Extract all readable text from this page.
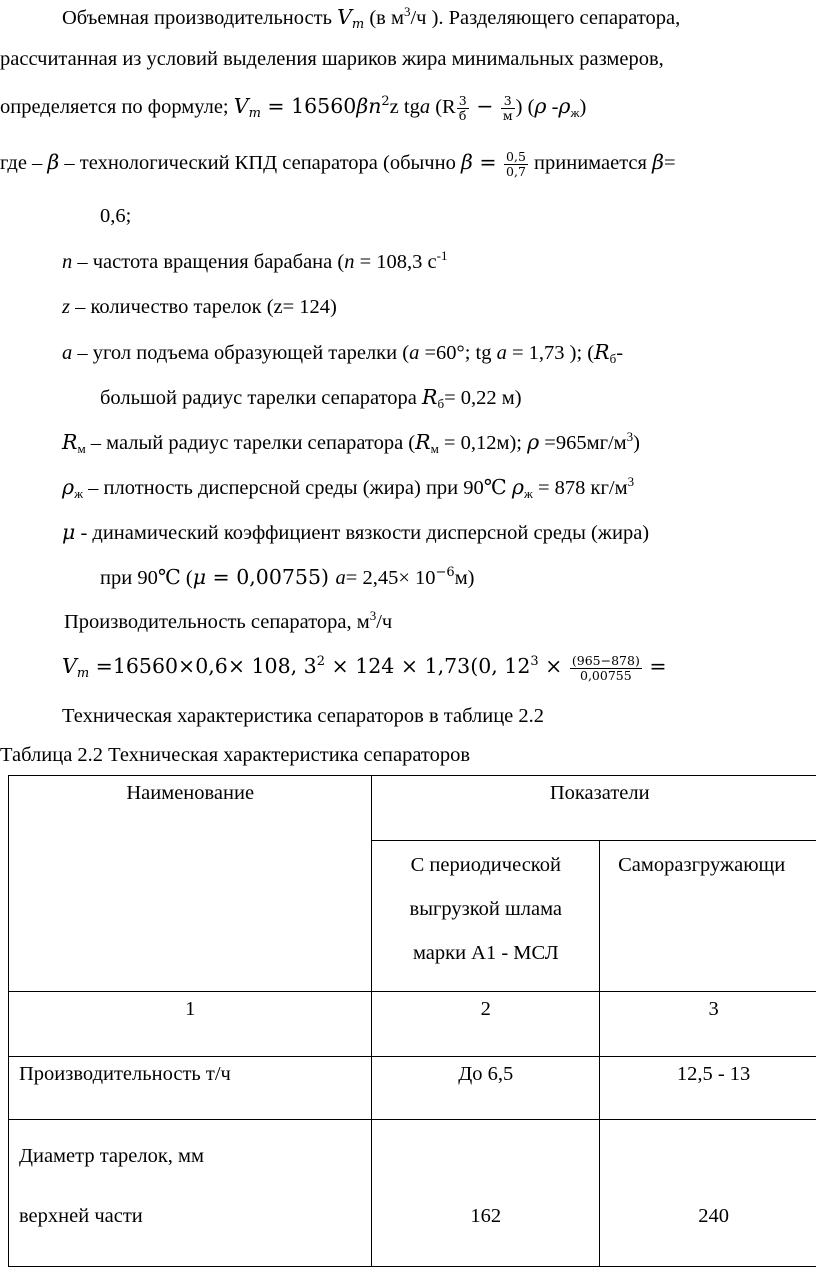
Объемная производительность $V_m$ (в $м^3/ч$ ). Разделяющего сепаратора,
рассчитанная из условий выделения шариков жира минимальных размеров,
определяется по формуле; $V_m = 16560\beta n^2z$ tga ($R \frac{3}{б} - \frac{3}{м}$ ) (ρ $-\rho_ж$)
где – β – технологический КПД сепаратора (обычно $\beta = \frac{0,5}{0,7}$ принимается β=
0,6;
n – частота вращения барабана (n = 108,3 $с^{-1}$
z – количество тарелок (z= 124)
a – угол подъема образующей тарелки (a =60°; tg a = 1,73 ); ($R_б-$
большой радиус тарелки сепаратора $R_б= 0,22$ м)
$R_м$ – малый радиус тарелки сепаратора $(R_м = 0,12м)$; $\rho =965мг/м^3$)
$\rho_ж$ – плотность дисперсной среды (жира) при 90℃ $\rho_ж = 878$ $кг/м^3$
μ - динамический коэффициент вязкости дисперсной среды (жира)
при 90℃ (μ = 0,00755) $a= 2,45\times 10^{-6}м$)
Производительность сепаратора, $м^3/ч$
$V_m =16560\times 0,6\times 108$, $3^2 \times 124 \times 1,73(0$, $12^3 \times \frac{(965-878)}{0,00755}$ =
Техническая характеристика сепараторов в таблице 2.2
Таблица 2.2 Техническая характеристика сепараторов
Наименование	Показатели	

	С периодической
выгрузкой шлама
марки А1 - МСЛ	Саморазгружающи

1	2	3
Производительность т/ч	До 6,5	12,5 - 13

Диаметр тарелок, мм
верхней части	162	240
